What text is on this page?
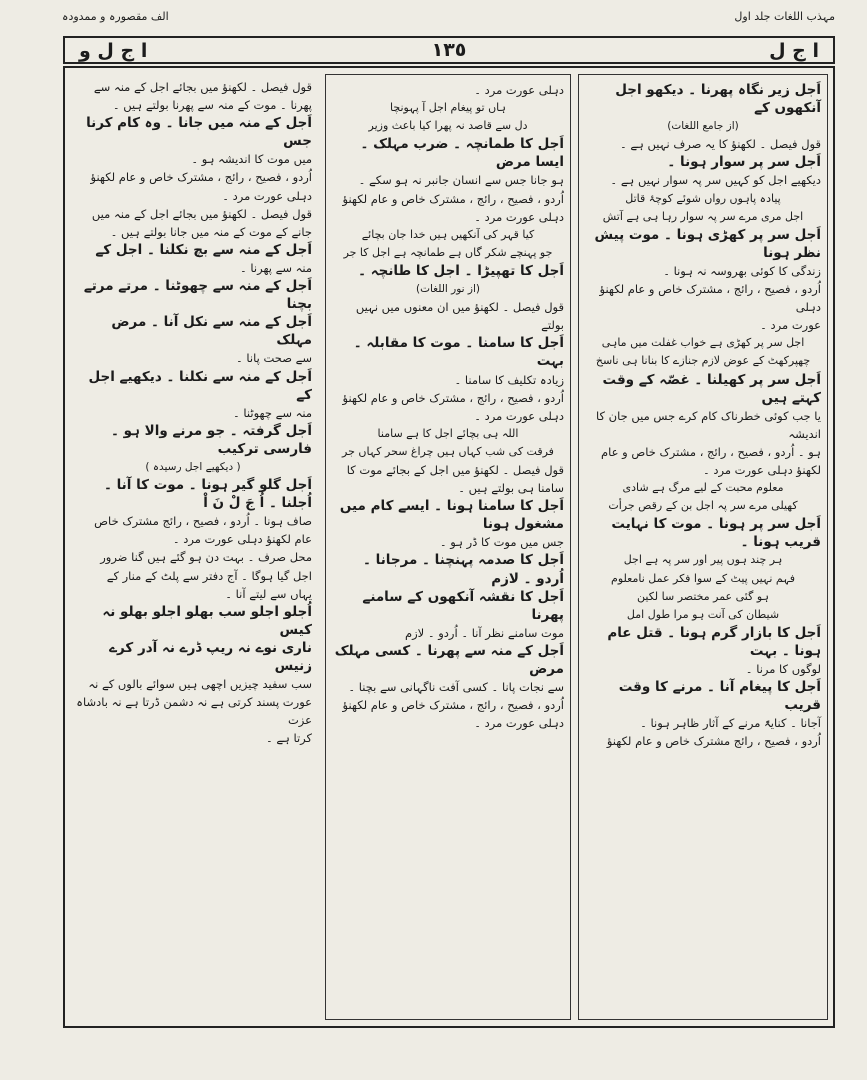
مہذب اللغات جلد اول
الف مقصورہ و ممدودہ
ا ج ل
١٣٥
ا ج ل و

اَجل زیر نگاہ پھرنا ۔ دیکھو اجل آنکھوں کے

(از جامع اللغات)

قول فیصل ۔ لکھنؤ کا یہ صرف نہیں ہے ۔

اَجل سر پر سوار ہونا ۔

دیکھیے اجل کو کہیں سر پہ سوار نہیں ہے ۔

پیادہ پاہوں رواں شوئے کوچۂ قاتل

اجل مری مرے سر پہ سوار رہا ہی ہے آتش

اَجل سر پر کھڑی ہونا ۔ موت پیش نظر ہونا

زندگی کا کوئی بھروسہ نہ ہونا ۔

اُردو ، فصیح ، رائج ، مشترک خاص و عام لکھنؤ دہلی

عورت مرد ۔

اجل سر پر کھڑی ہے خواب غفلت میں ماہی

چھپرکھٹ کے عوض لازم جنازے کا بنانا ہی ناسخ

اَجل سر پر کھیلنا ۔ غصّہ کے وقت کہتے ہیں

یا جب کوئی خطرناک کام کرے جس میں جان کا اندیشہ

ہو ۔ اُردو ، فصیح ، رائج ، مشترک خاص و عام

لکھنؤ دہلی عورت مرد ۔

معلوم محبت کے لیے مرگ ہے شادی

کھیلی مرے سر پہ اجل بن کے رقص جرأت

اَجل سر پر ہونا ۔ موت کا نہایت قریب ہونا ۔

ہر چند ہوں پیر اور سر پہ ہے اجل

فہم نہیں پیٹ کے سوا فکر عمل نامعلوم

ہو گئی عمر مختصر سا لکین

شیطان کی آنت ہو مرا طول امل

اَجل کا بازار گرم ہونا ۔ قتل عام ہونا ۔ بہت

لوگوں کا مرنا ۔

اَجل کا پیغام آنا ۔ مرنے کا وقت قریب

آجانا ۔ کنایۃً مرنے کے آثار ظاہر ہونا ۔

اُردو ، فصیح ، رائج مشترک خاص و عام لکھنؤ

دہلی عورت مرد ۔

ہاں تو پیغام اجل آ پہونچا

دل سے قاصد نہ پھرا کیا باعث وزیر

اَجل کا طمانچہ ۔ ضرب مہلک ۔ ایسا مرض

ہو جانا جس سے انسان جانبر نہ ہو سکے ۔

اُردو ، فصیح ، رائج ، مشترک خاص و عام لکھنؤ

دہلی عورت مرد ۔

کیا قہر کی آنکھیں ہیں خدا جان بچائے

جو پہنچے شکر گاں ہے طمانچہ ہے اجل کا جر

اَجل کا تھپیڑا ۔ اجل کا طانچہ ۔

(از نور اللغات)

قول فیصل ۔ لکھنؤ میں ان معنوں میں نہیں بولتے

اَجل کا سامنا ۔ موت کا مقابلہ ۔ بہت

زیادہ تکلیف کا سامنا ۔

اُردو ، فصیح ، رائج ، مشترک خاص و عام لکھنؤ

دہلی عورت مرد ۔

اللہ ہی بچائے اجل کا ہے سامنا

فرقت کی شب کہاں ہیں چراغ سحر کہاں جر

قول فیصل ۔ لکھنؤ میں اجل کے بجائے موت کا

سامنا ہی بولتے ہیں ۔

اَجل کا سامنا ہونا ۔ ایسے کام میں مشغول ہونا

جس میں موت کا ڈر ہو ۔

اَجل کا صدمہ پہنچنا ۔ مرجانا ۔ اُردو ۔ لازم

اَجل کا نقشہ آنکھوں کے سامنے پھرنا

موت سامنے نظر آنا ۔ اُردو ۔ لازم

اَجل کے منہ سے پھرنا ۔ کسی مہلک مرض

سے نجات پانا ۔ کسی آفت ناگہانی سے بچنا ۔

اُردو ، فصیح ، رائج ، مشترک خاص و عام لکھنؤ

دہلی عورت مرد ۔

قول فیصل ۔ لکھنؤ میں بجائے اجل کے منہ سے

پھرنا ۔ موت کے منہ سے پھرنا بولتے ہیں ۔

اَجل کے منہ میں جانا ۔ وہ کام کرنا جس

میں موت کا اندیشہ ہو ۔

اُردو ، فصیح ، رائج ، مشترک خاص و عام لکھنؤ

دہلی عورت مرد ۔

قول فیصل ۔ لکھنؤ میں بجائے اجل کے منہ میں

جانے کے موت کے منہ میں جانا بولتے ہیں ۔

اَجل کے منہ سے بچ نکلنا ۔ اجل کے

منہ سے پھرنا ۔

اَجل کے منہ سے چھوٹنا ۔ مرتے مرتے بچنا

اَجل کے منہ سے نکل آنا ۔ مرض مہلک

سے صحت پانا ۔

اَجل کے منہ سے نکلنا ۔ دیکھیے اجل کے

منہ سے چھوٹنا ۔

اَجل گرفتہ ۔ جو مرنے والا ہو ۔ فارسی ترکیب

( دیکھیے اجل رسیدہ )

اَجل گلو گیر ہونا ۔ موت کا آنا ۔

اُجلنا ۔ اُ جَ لْ نَ اْ

صاف ہونا ۔ اُردو ، فصیح ، رائج مشترک خاص

عام لکھنؤ دہلی عورت مرد ۔

محل صرف ۔ بہت دن ہو گئے ہیں گنا ضرور

اجل گیا ہوگا ۔ آج دفتر سے پلٹ کے منار کے

یہاں سے لیتے آنا ۔

اُجلو اجلو سب بھلو اجلو بھلو نہ کیس

ناری نوے نہ ریپ ڈرے نہ آدر کرے زنیس

سب سفید چیزیں اچھی ہیں سوائے بالوں کے نہ

عورت پسند کرتی ہے نہ دشمن ڈرتا ہے نہ بادشاہ عزت

کرتا ہے ۔
